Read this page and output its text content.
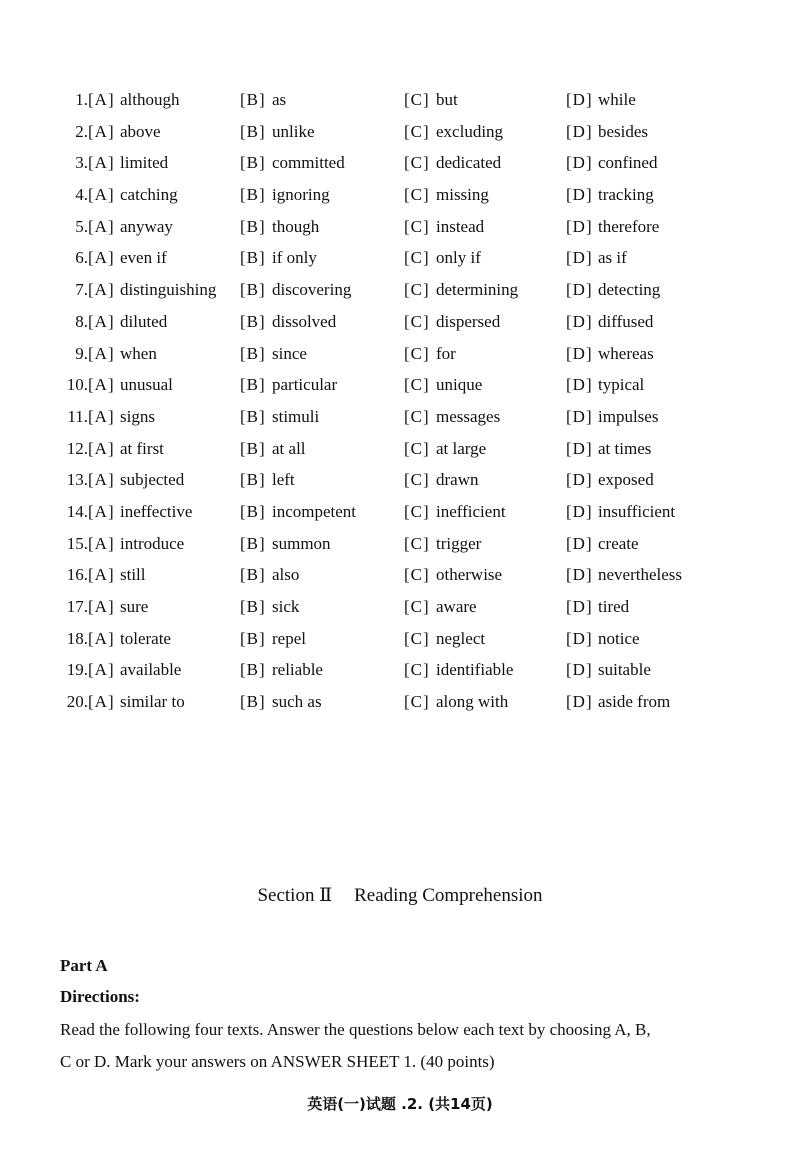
1. [A] although	[B] as	[C] but	[D] while
2. [A] above	[B] unlike	[C] excluding	[D] besides
3. [A] limited	[B] committed	[C] dedicated	[D] confined
4. [A] catching	[B] ignoring	[C] missing	[D] tracking
5. [A] anyway	[B] though	[C] instead	[D] therefore
6. [A] even if	[B] if only	[C] only if	[D] as if
7. [A] distinguishing [B] discovering	[C] determining	[D] detecting
8. [A] diluted	[B] dissolved	[C] dispersed	[D] diffused
9. [A] when	[B] since	[C] for	[D] whereas
10. [A] unusual	[B] particular	[C] unique	[D] typical
11. [A] signs	[B] stimuli	[C] messages	[D] impulses
12. [A] at first	[B] at all	[C] at large	[D] at times
13. [A] subjected	[B] left	[C] drawn	[D] exposed
14. [A] ineffective	[B] incompetent	[C] inefficient	[D] insufficient
15. [A] introduce	[B] summon	[C] trigger	[D] create
16. [A] still	[B] also	[C] otherwise	[D] nevertheless
17. [A] sure	[B] sick	[C] aware	[D] tired
18. [A] tolerate	[B] repel	[C] neglect	[D] notice
19. [A] available	[B] reliable	[C] identifiable	[D] suitable
20. [A] similar to	[B] such as	[C] along with	[D] aside from
Section Ⅱ Reading Comprehension
Part A
Directions:
Read the following four texts. Answer the questions below each text by choosing A, B,
C or D. Mark your answers on ANSWER SHEET 1. (40 points)
英语(一)试题 .2. (共14页)
